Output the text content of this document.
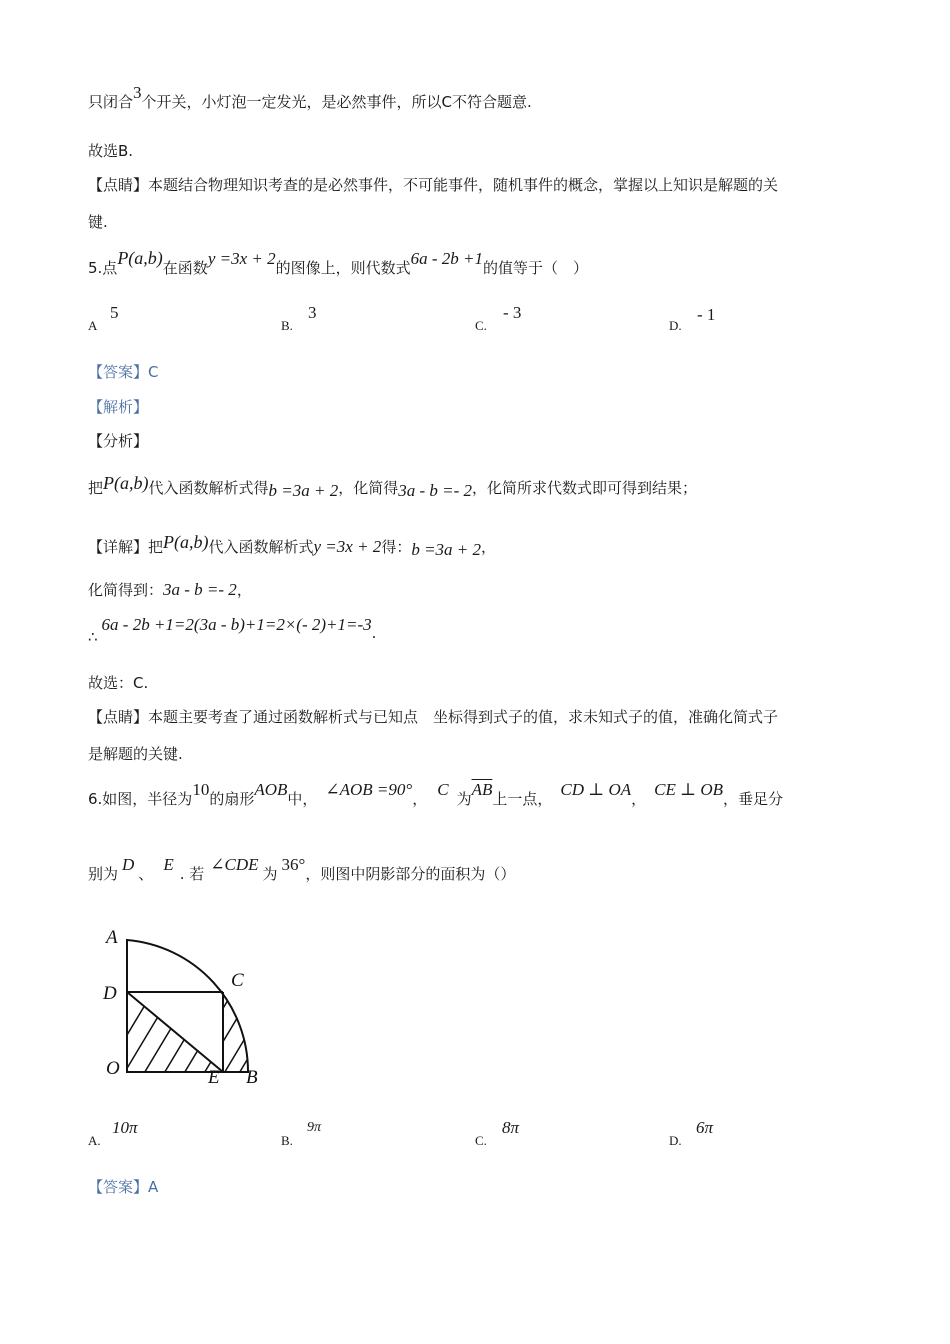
只闭合3个开关，小灯泡一定发光，是必然事件，所以C不符合题意.
故选B.
【点睛】本题结合物理知识考查的是必然事件，不可能事件，随机事件的概念，掌握以上知识是解题的关
键.
5.点P(a,b)在函数y =3x + 2的图像上，则代数式6a - 2b +1的值等于（　）
A
5
B.
3
C.
- 3
D.
- 1
【答案】C
【解析】
【分析】
把P(a,b)代入函数解析式得b =3a + 2，化简得3a - b =- 2，化简所求代数式即可得到结果；
【详解】把P(a,b)代入函数解析式y =3x + 2得：b =3a + 2，
化简得到：3a - b =- 2，
∴6a - 2b +1=2(3a - b)+1=2×(- 2)+1=-3.
故选：C.
【点睛】本题主要考查了通过函数解析式与已知点　坐标得到式子的值，求未知式子的值，准确化简式子
是解题的关键.
6.如图，半径为10的扇形AOB中， ∠AOB =90°， C 为$\overline{AB}$上一点， CD ⊥ OA， CE ⊥ OB，垂足分
别为 D 、 E . 若 ∠CDE 为 36°，则图中阴影部分的面积为（）
A
C
D
O	E B
A.
10π
B.
9π
C.
8π
D.
6π
【答案】A
